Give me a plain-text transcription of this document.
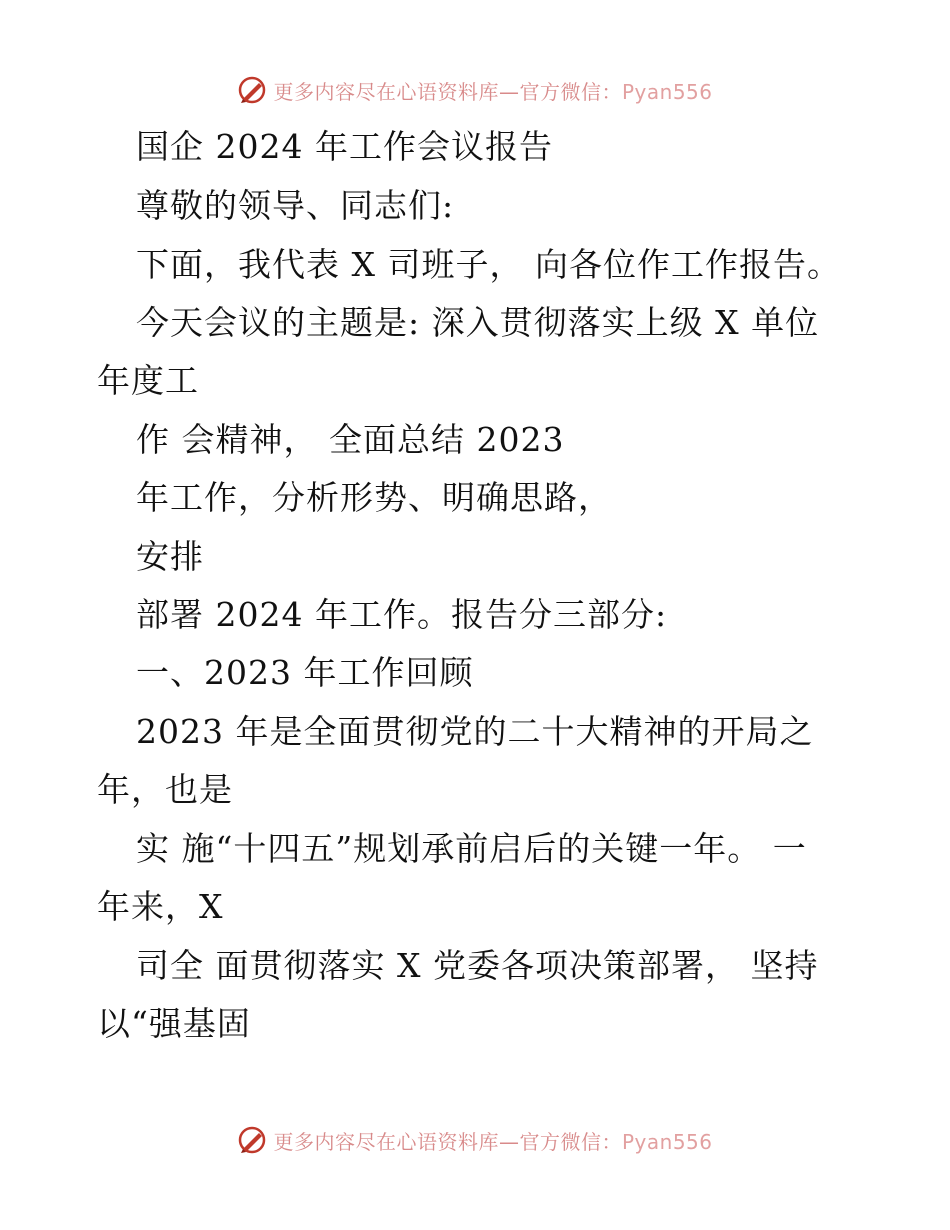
更多内容尽在心语资料库—官方微信：Pyan556
国企 2024 年工作会议报告
尊敬的领导、同志们:
下面，我代表 X 司班子， 向各位作工作报告。
今天会议的主题是: 深入贯彻落实上级 X 单位
年度工
作 会精神， 全面总结 2023
年工作，分析形势、明确思路，
安排
部署 2024 年工作。报告分三部分:
一、2023 年工作回顾
2023 年是全面贯彻党的二十大精神的开局之
年，也是
实 施“十四五”规划承前启后的关键一年。 一
年来，X
司全 面贯彻落实 X 党委各项决策部署， 坚持
以“强基固
更多内容尽在心语资料库—官方微信：Pyan556
